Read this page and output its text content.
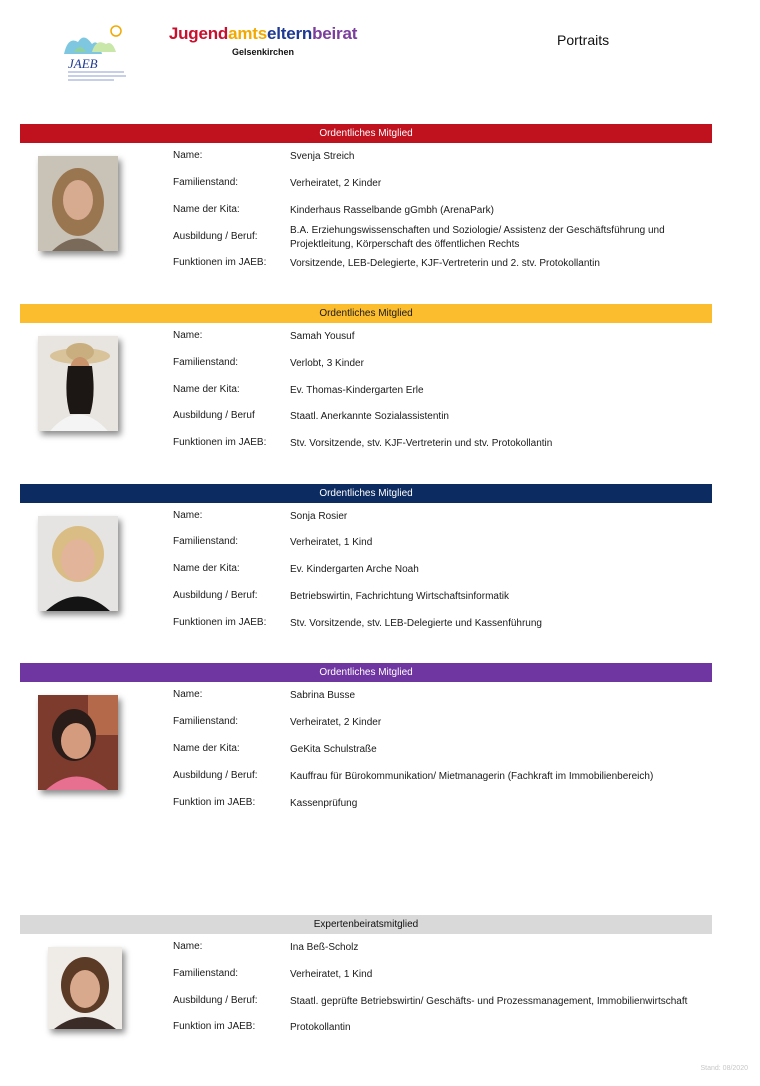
JAEB
Jugendamtselternbeirat
Gelsenkirchen
Portraits
Ordentliches Mitglied
Name:	Svenja Streich
Familienstand:	Verheiratet, 2 Kinder
Name der Kita:	Kinderhaus Rasselbande gGmbh (ArenaPark)
Ausbildung / Beruf:
B.A. Erziehungswissenschaften und Soziologie/ Assistenz der Geschäftsführung und Projektleitung, Körperschaft des öffentlichen Rechts
Funktionen im JAEB:	Vorsitzende, LEB-Delegierte, KJF-Vertreterin und 2. stv. Protokollantin
Ordentliches Mitglied
Name:	Samah Yousuf
Familienstand:	Verlobt, 3 Kinder
Name der Kita:	Ev. Thomas-Kindergarten Erle
Ausbildung / Beruf	Staatl. Anerkannte Sozialassistentin
Funktionen im JAEB:	Stv. Vorsitzende, stv. KJF-Vertreterin und stv. Protokollantin
Ordentliches Mitglied
Name:	Sonja Rosier
Familienstand:	Verheiratet, 1 Kind
Name der Kita:	Ev. Kindergarten Arche Noah
Ausbildung / Beruf:	Betriebswirtin, Fachrichtung Wirtschaftsinformatik
Funktionen im JAEB:	Stv. Vorsitzende, stv. LEB-Delegierte und Kassenführung
Ordentliches Mitglied
Name:	Sabrina Busse
Familienstand:	Verheiratet, 2 Kinder
Name der Kita:	GeKita Schulstraße
Ausbildung / Beruf:	Kauffrau für Bürokommunikation/ Mietmanagerin (Fachkraft im Immobilienbereich)
Funktion im JAEB:	Kassenprüfung
Expertenbeiratsmitglied
Name:	Ina Beß-Scholz
Familienstand:	Verheiratet, 1 Kind
Ausbildung / Beruf:	Staatl. geprüfte Betriebswirtin/ Geschäfts- und Prozessmanagement, Immobilienwirtschaft
Funktion im JAEB:	Protokollantin
Stand: 08/2020
